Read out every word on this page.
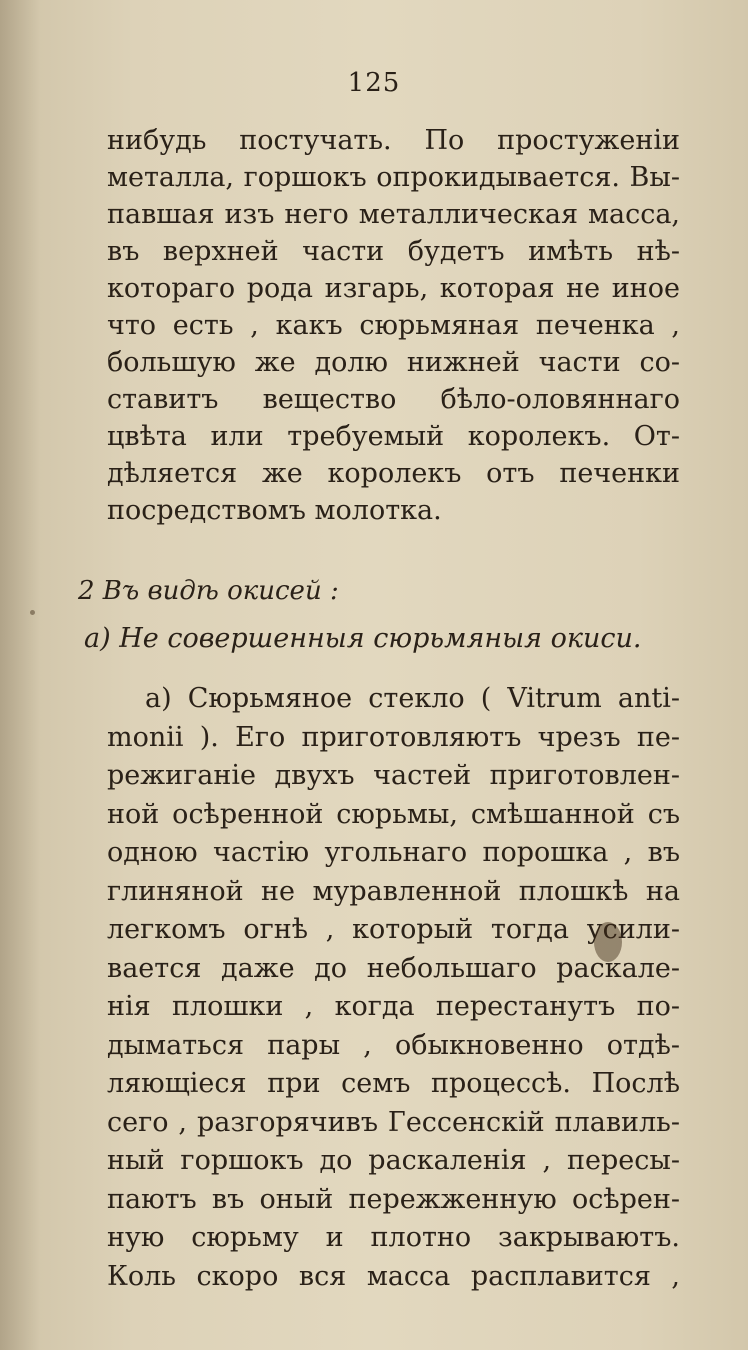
125
нибудь постучать. По простуженіи
металла, горшокъ опрокидывается. Вы-
павшая изъ него металлическая масса,
въ верхней части будетъ имѣть нѣ-
котораго рода изгарь, которая не иное
что есть , какъ сюрьмяная печенка ,
большую же долю нижней части со-
ставитъ вещество бѣло-оловяннаго
цвѣта или требуемый королекъ. От-
дѣляется же королекъ отъ печенки
посредствомъ молотка.
2 Въ видѣ окисей :
а) Не совершенныя сюрьмяныя окиси.
а) Сюрьмяное стекло ( Vitrum anti-
monii ). Его приготовляютъ чрезъ пе-
режиганіе двухъ частей приготовлен-
ной осѣренной сюрьмы, смѣшанной съ
одною частію угольнаго порошка , въ
глиняной не муравленной плошкѣ на
легкомъ огнѣ , который тогда усили-
вается даже до небольшаго раскале-
нія плошки , когда перестанутъ по-
дыматься пары , обыкновенно отдѣ-
ляющіеся при семъ процессѣ. Послѣ
сего , разгорячивъ Гессенскій плавиль-
ный горшокъ до раскаленія , пересы-
паютъ въ оный пережженную осѣрен-
ную сюрьму и плотно закрываютъ.
Коль скоро вся масса расплавится ,
